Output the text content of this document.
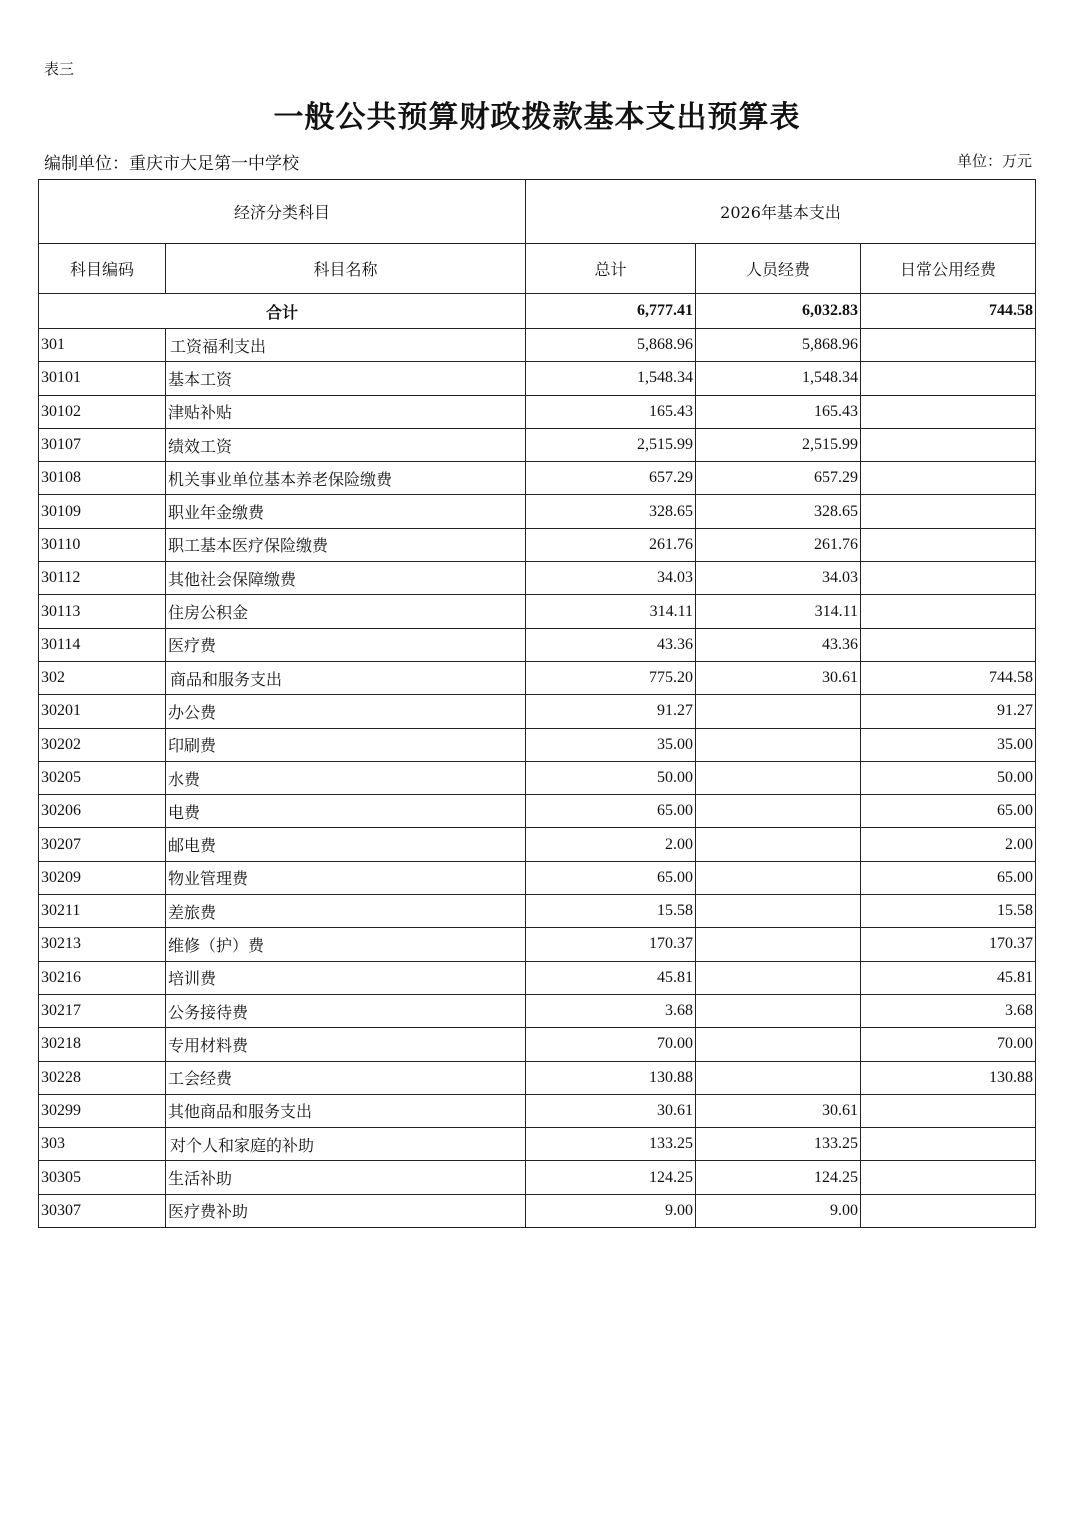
表三
一般公共预算财政拨款基本支出预算表
编制单位：重庆市大足第一中学校	单位：万元
经济分类科目		2026年基本支出		
科目编码	科目名称	总计	人员经费	日常公用经费
合计		6,777.41	6,032.83	744.58
301	工资福利支出	5,868.96	5,868.96	
30101	基本工资	1,548.34	1,548.34	
30102	津贴补贴	165.43	165.43	
30107	绩效工资	2,515.99	2,515.99	
30108	机关事业单位基本养老保险缴费	657.29	657.29	
30109	职业年金缴费	328.65	328.65	
30110	职工基本医疗保险缴费	261.76	261.76	
30112	其他社会保障缴费	34.03	34.03	
30113	住房公积金	314.11	314.11	
30114	医疗费	43.36	43.36	
302	商品和服务支出	775.20	30.61	744.58
30201	办公费	91.27		91.27
30202	印刷费	35.00		35.00
30205	水费	50.00		50.00
30206	电费	65.00		65.00
30207	邮电费	2.00		2.00
30209	物业管理费	65.00		65.00
30211	差旅费	15.58		15.58
30213	维修（护）费	170.37		170.37
30216	培训费	45.81		45.81
30217	公务接待费	3.68		3.68
30218	专用材料费	70.00		70.00
30228	工会经费	130.88		130.88
30299	其他商品和服务支出	30.61	30.61	
303	对个人和家庭的补助	133.25	133.25	
30305	生活补助	124.25	124.25	
30307	医疗费补助	9.00	9.00	
